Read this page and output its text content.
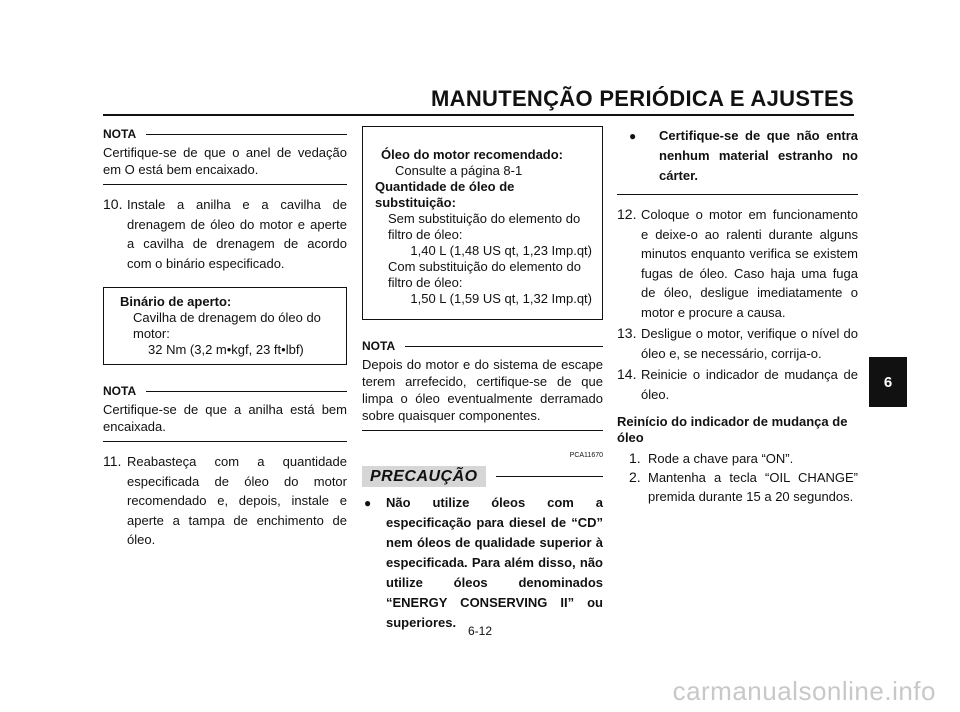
MANUTENÇÃO PERIÓDICA E AJUSTES
6
NOTA
Certifique-se de que o anel de vedação em O está bem encaixado.
10. Instale a anilha e a cavilha de drenagem de óleo do motor e aperte a cavilha de drenagem de acordo com o binário especificado.
Binário de aperto:
Cavilha de drenagem do óleo do motor:
32 Nm (3,2 m•kgf, 23 ft•lbf)
NOTA
Certifique-se de que a anilha está bem encaixada.
11. Reabasteça com a quantidade especificada de óleo do motor recomendado e, depois, instale e aperte a tampa de enchimento de óleo.
Óleo do motor recomendado:
Consulte a página 8-1
Quantidade de óleo de substituição:
Sem substituição do elemento do filtro de óleo:
1,40 L (1,48 US qt, 1,23 Imp.qt)
Com substituição do elemento do filtro de óleo:
1,50 L (1,59 US qt, 1,32 Imp.qt)
NOTA
Depois do motor e do sistema de escape terem arrefecido, certifique-se de que limpa o óleo eventualmente derramado sobre quaisquer componentes.
PCA11670
PRECAUÇÃO
●	Não utilize óleos com a especificação para diesel de “CD” nem óleos de qualidade superior à especificada. Para além disso, não utilize óleos denominados “ENERGY CONSERVING II” ou superiores.
●	Certifique-se de que não entra nenhum material estranho no cárter.
12. Coloque o motor em funcionamento e deixe-o ao ralenti durante alguns minutos enquanto verifica se existem fugas de óleo. Caso haja uma fuga de óleo, desligue imediatamente o motor e procure a causa.
13. Desligue o motor, verifique o nível do óleo e, se necessário, corrija-o.
14. Reinicie o indicador de mudança de óleo.
Reinício do indicador de mudança de óleo
1. Rode a chave para “ON”.
2. Mantenha a tecla “OIL CHANGE” premida durante 15 a 20 segundos.
6-12
carmanualsonline.info
